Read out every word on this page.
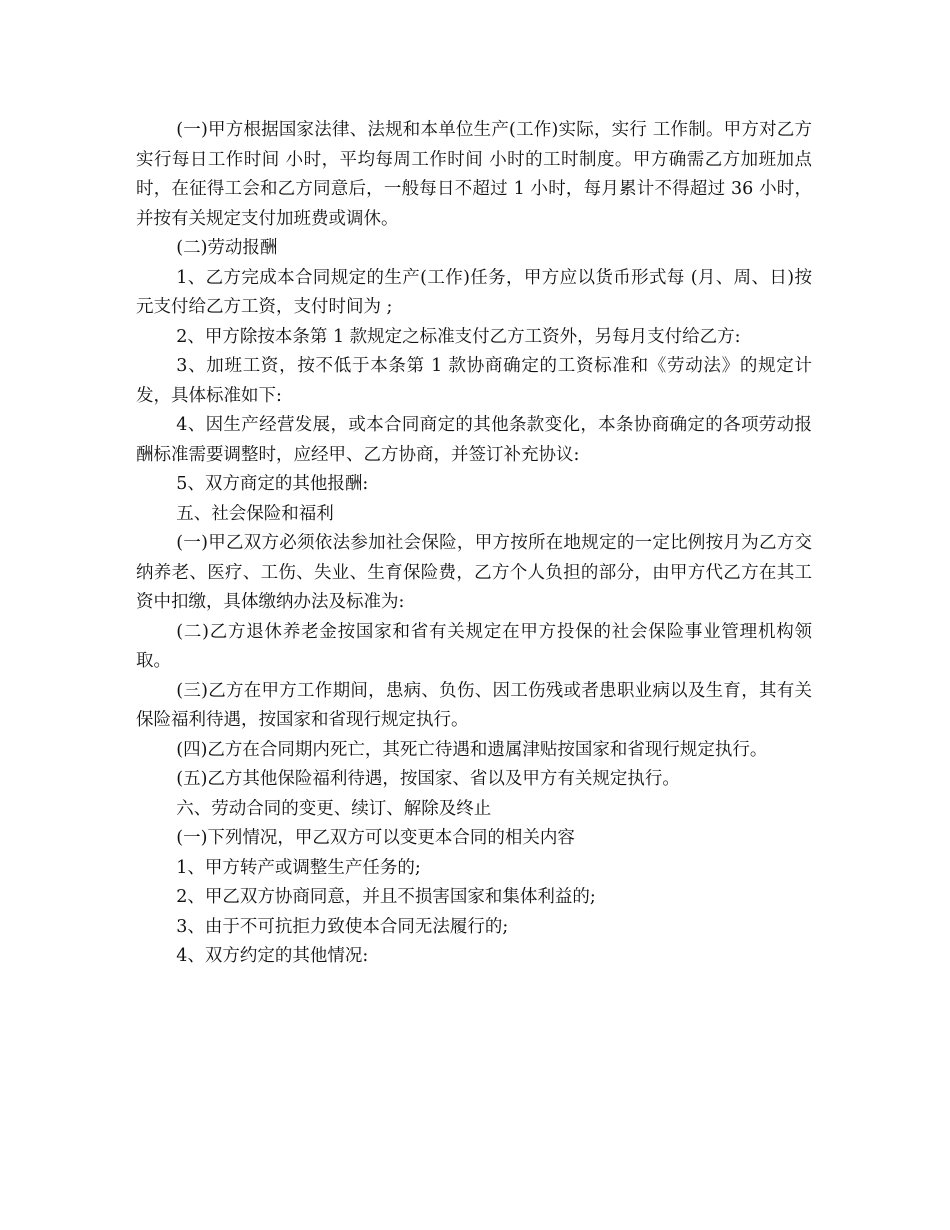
(一)甲方根据国家法律、法规和本单位生产(工作)实际，实行 工作制。甲方对乙方实行每日工作时间 小时，平均每周工作时间 小时的工时制度。甲方确需乙方加班加点时，在征得工会和乙方同意后，一般每日不超过 1 小时，每月累计不得超过 36 小时，并按有关规定支付加班费或调休。

(二)劳动报酬

1、乙方完成本合同规定的生产(工作)任务，甲方应以货币形式每 (月、周、日)按 元支付给乙方工资，支付时间为 ;

2、甲方除按本条第 1 款规定之标准支付乙方工资外，另每月支付给乙方:

3、加班工资，按不低于本条第 1 款协商确定的工资标准和《劳动法》的规定计发，具体标准如下:

4、因生产经营发展，或本合同商定的其他条款变化，本条协商确定的各项劳动报酬标准需要调整时，应经甲、乙方协商，并签订补充协议:

5、双方商定的其他报酬:

五、社会保险和福利

(一)甲乙双方必须依法参加社会保险，甲方按所在地规定的一定比例按月为乙方交纳养老、医疗、工伤、失业、生育保险费，乙方个人负担的部分，由甲方代乙方在其工资中扣缴，具体缴纳办法及标准为:

(二)乙方退休养老金按国家和省有关规定在甲方投保的社会保险事业管理机构领取。

(三)乙方在甲方工作期间，患病、负伤、因工伤残或者患职业病以及生育，其有关保险福利待遇，按国家和省现行规定执行。

(四)乙方在合同期内死亡，其死亡待遇和遗属津贴按国家和省现行规定执行。

(五)乙方其他保险福利待遇，按国家、省以及甲方有关规定执行。

六、劳动合同的变更、续订、解除及终止

(一)下列情况，甲乙双方可以变更本合同的相关内容

1、甲方转产或调整生产任务的;

2、甲乙双方协商同意，并且不损害国家和集体利益的;

3、由于不可抗拒力致使本合同无法履行的;

4、双方约定的其他情况:
